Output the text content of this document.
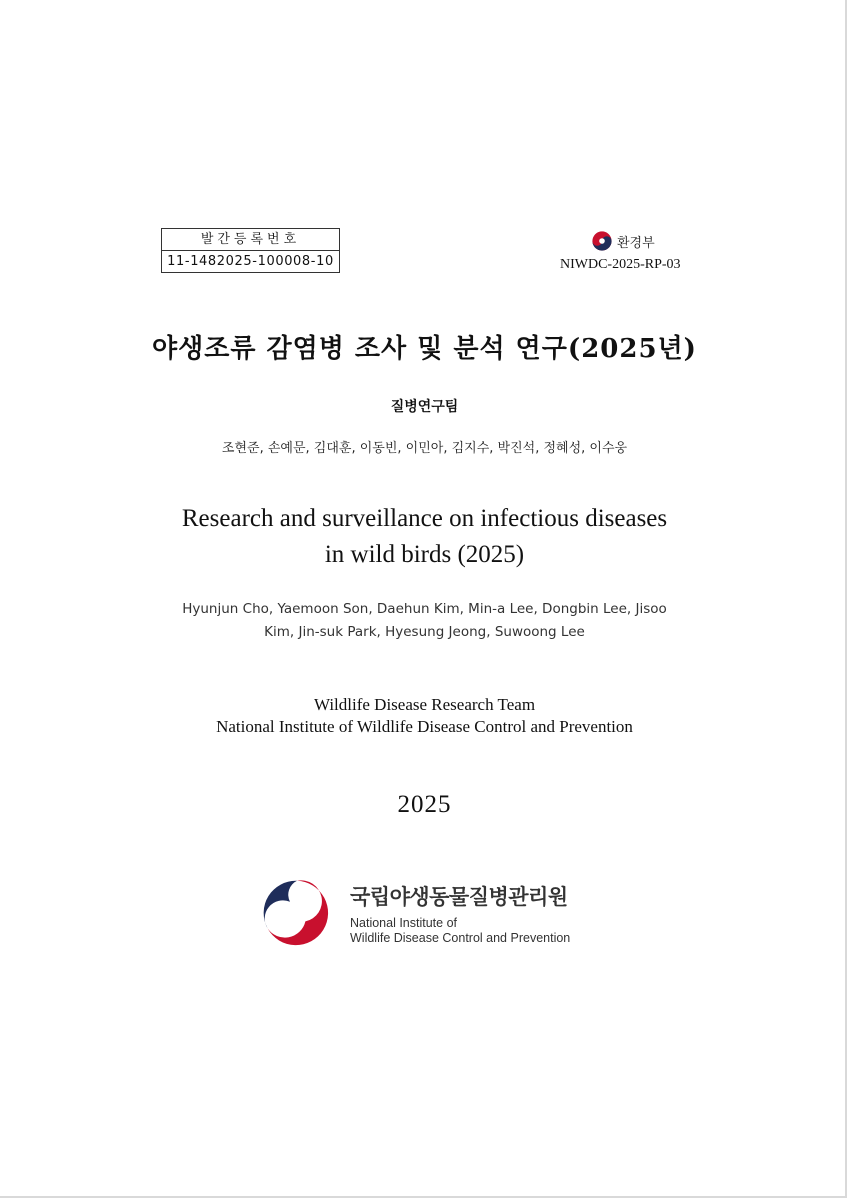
발간등록번호
11-1482025-100008-10
환경부
NIWDC-2025-RP-03
야생조류 감염병 조사 및 분석 연구(2025년)
질병연구팀
조현준, 손예문, 김대훈, 이동빈, 이민아, 김지수, 박진석, 정혜성, 이수웅
Research and surveillance on infectious diseases
in wild birds (2025)
Hyunjun Cho, Yaemoon Son, Daehun Kim, Min-a Lee, Dongbin Lee, Jisoo
Kim, Jin-suk Park, Hyesung Jeong, Suwoong Lee
Wildlife Disease Research Team
National Institute of Wildlife Disease Control and Prevention
2025
국립야생동물질병관리원
National Institute of
Wildlife Disease Control and Prevention
